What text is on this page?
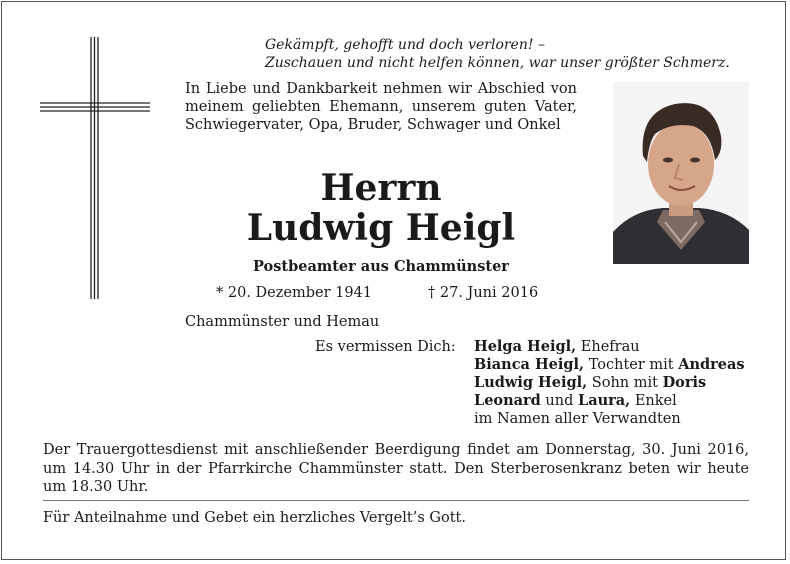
Gekämpft, gehofft und doch verloren! –
Zuschauen und nicht helfen können, war unser größter Schmerz.
In Liebe und Dankbarkeit nehmen wir Abschied von meinem geliebten Ehemann, unserem guten Vater, Schwiegervater, Opa, Bruder, Schwager und Onkel
Herrn
Ludwig Heigl
Postbeamter aus Chammünster
* 20. Dezember 1941	† 27. Juni 2016
Chammünster und Hemau
Es vermissen Dich: Helga Heigl, Ehefrau
Bianca Heigl, Tochter mit Andreas
Ludwig Heigl, Sohn mit Doris
Leonard und Laura, Enkel
im Namen aller Verwandten
Der Trauergottesdienst mit anschließender Beerdigung findet am Donnerstag, 30. Juni 2016, um 14.30 Uhr in der Pfarrkirche Chammünster statt. Den Sterberosenkranz beten wir heute um 18.30 Uhr.
Für Anteilnahme und Gebet ein herzliches Vergelt’s Gott.
